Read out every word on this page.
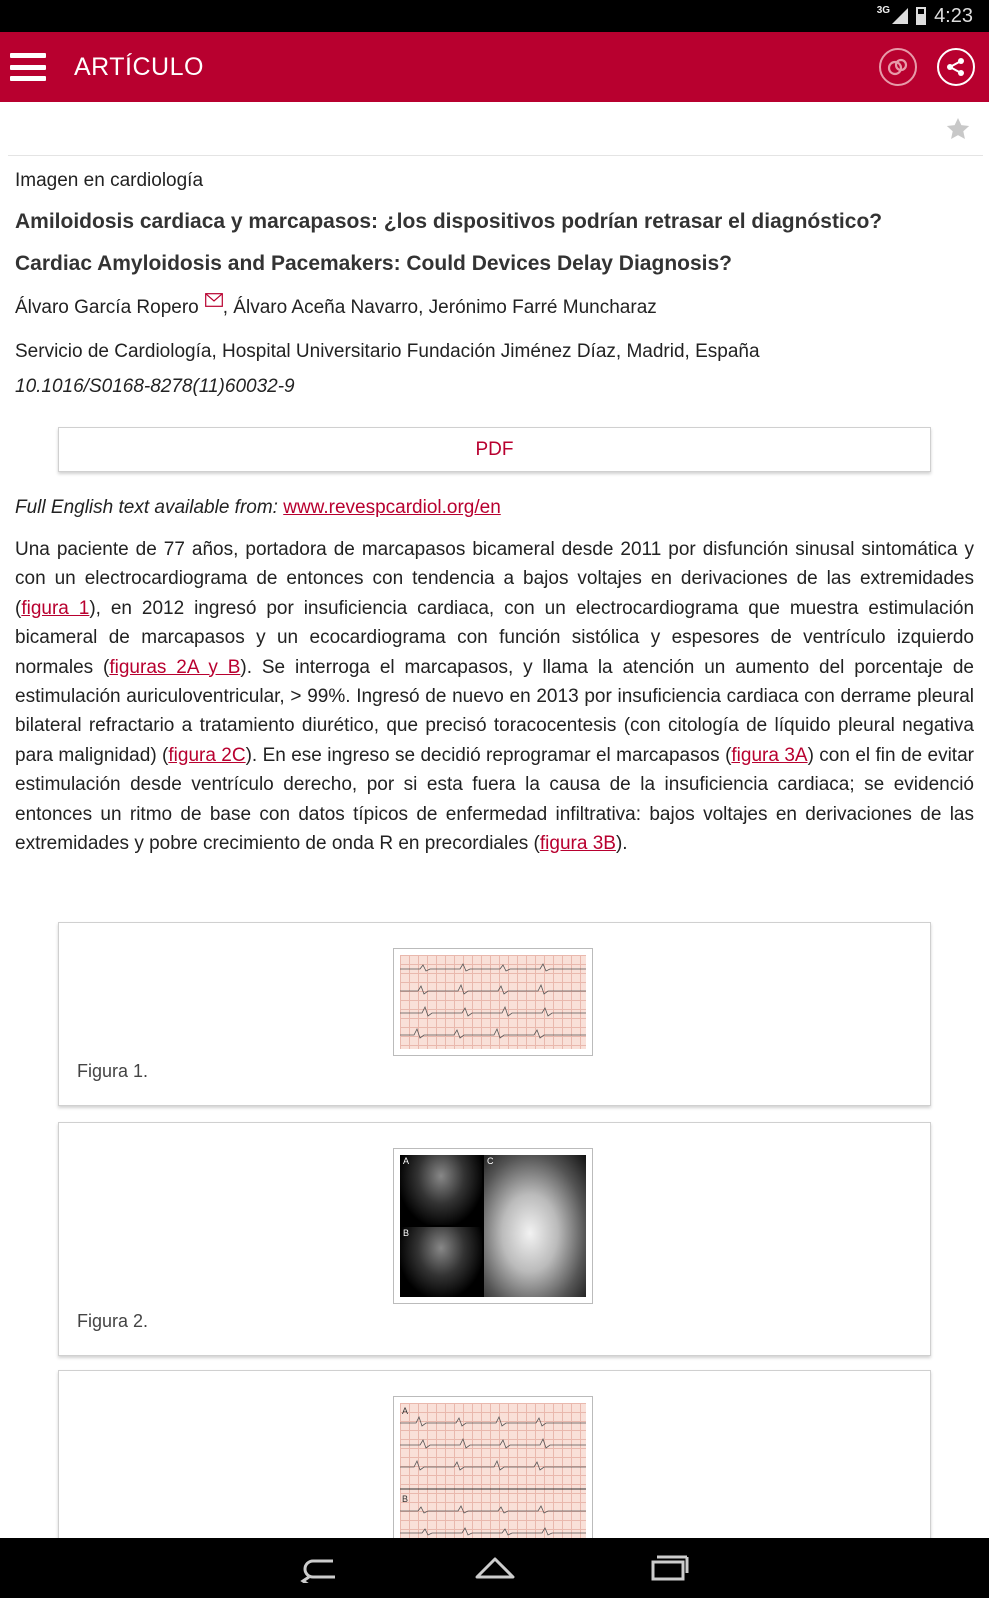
3G 4:23
ARTÍCULO
Imagen en cardiología
Amiloidosis cardiaca y marcapasos: ¿los dispositivos podrían retrasar el diagnóstico?
Cardiac Amyloidosis and Pacemakers: Could Devices Delay Diagnosis?
Álvaro García Ropero , Álvaro Aceña Navarro, Jerónimo Farré Muncharaz
Servicio de Cardiología, Hospital Universitario Fundación Jiménez Díaz, Madrid, España
10.1016/S0168-8278(11)60032-9
PDF
Full English text available from: www.revespcardiol.org/en
Una paciente de 77 años, portadora de marcapasos bicameral desde 2011 por disfunción sinusal sintomática y con un electrocardiograma de entonces con tendencia a bajos voltajes en derivaciones de las extremidades (figura 1), en 2012 ingresó por insuficiencia cardiaca, con un electrocardiograma que muestra estimulación bicameral de marcapasos y un ecocardiograma con función sistólica y espesores de ventrículo izquierdo normales (figuras 2A y B). Se interroga el marcapasos, y llama la atención un aumento del porcentaje de estimulación auriculoventricular, > 99%. Ingresó de nuevo en 2013 por insuficiencia cardiaca con derrame pleural bilateral refractario a tratamiento diurético, que precisó toracocentesis (con citología de líquido pleural negativa para malignidad) (figura 2C). En ese ingreso se decidió reprogramar el marcapasos (figura 3A) con el fin de evitar estimulación desde ventrículo derecho, por si esta fuera la causa de la insuficiencia cardiaca; se evidenció entonces un ritmo de base con datos típicos de enfermedad infiltrativa: bajos voltajes en derivaciones de las extremidades y pobre crecimiento de onda R en precordiales (figura 3B).
Figura 1.
A
B
C
Figura 2.
A
B
